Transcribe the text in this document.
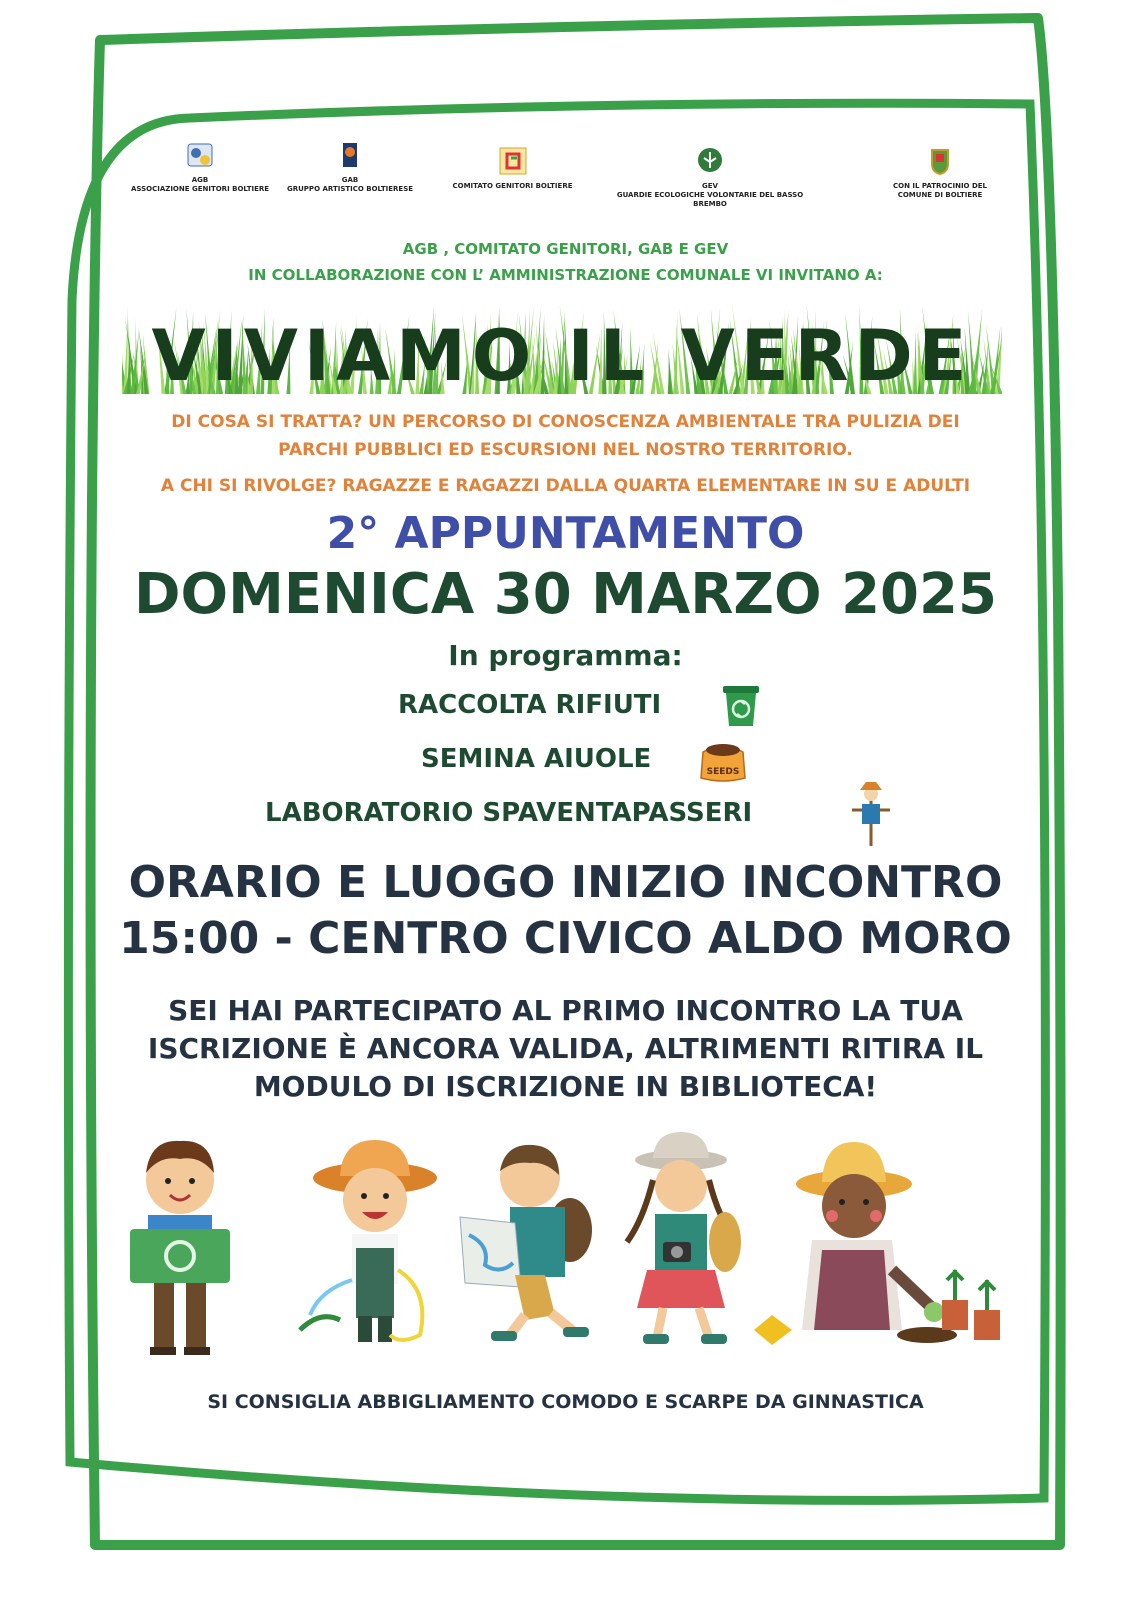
AGB
ASSOCIAZIONE GENITORI BOLTIERE
GAB
GRUPPO ARTISTICO BOLTIERESE	COMITATO GENITORI BOLTIERE	GEV
GUARDIE ECOLOGICHE VOLONTARIE DEL BASSO BREMBO
CON IL PATROCINIO DEL COMUNE DI BOLTIERE
AGB , COMITATO GENITORI, GAB E GEV
IN COLLABORAZIONE CON L’ AMMINISTRAZIONE COMUNALE VI INVITANO A:
VIVIAMO IL VERDE
DI COSA SI TRATTA? UN PERCORSO DI CONOSCENZA AMBIENTALE TRA PULIZIA DEI
PARCHI PUBBLICI ED ESCURSIONI NEL NOSTRO TERRITORIO.
A CHI SI RIVOLGE? RAGAZZE E RAGAZZI DALLA QUARTA ELEMENTARE IN SU E ADULTI
2° APPUNTAMENTO
DOMENICA 30 MARZO 2025
In programma:
RACCOLTA RIFIUTI
SEMINA AIUOLE	SEEDS
LABORATORIO SPAVENTAPASSERI
ORARIO E LUOGO INIZIO INCONTRO
15:00 - CENTRO CIVICO ALDO MORO
SEI HAI PARTECIPATO AL PRIMO INCONTRO LA TUA
ISCRIZIONE È ANCORA VALIDA, ALTRIMENTI RITIRA IL
MODULO DI ISCRIZIONE IN BIBLIOTECA!
SI CONSIGLIA ABBIGLIAMENTO COMODO E SCARPE DA GINNASTICA
